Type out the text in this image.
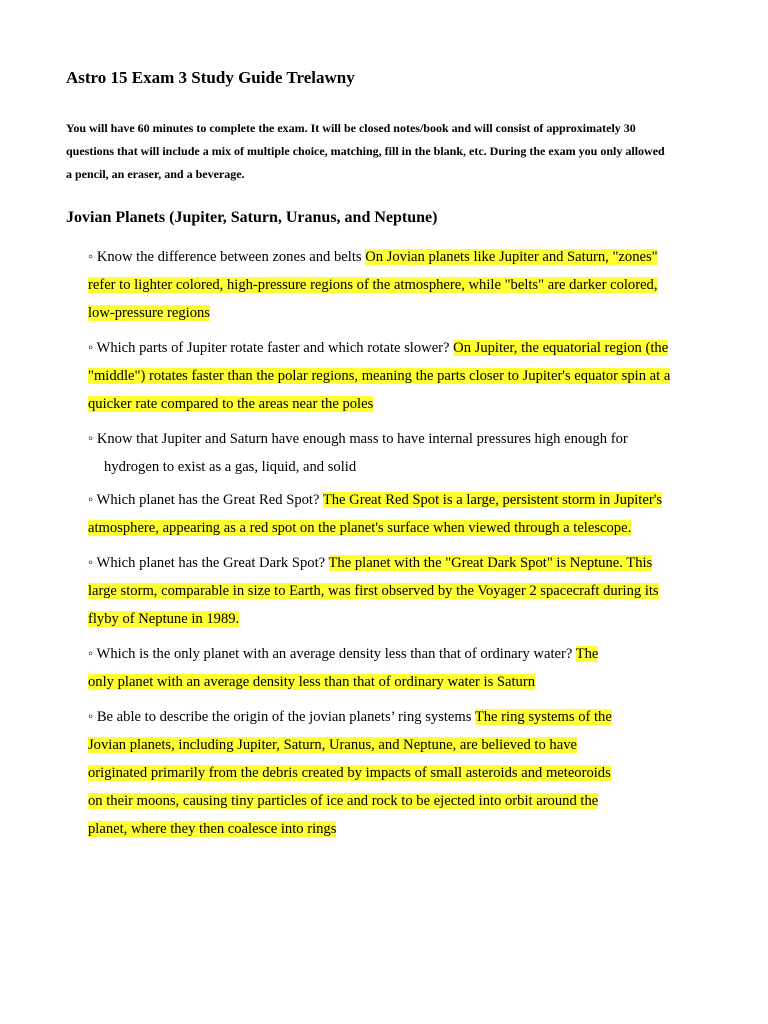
Astro 15 Exam 3 Study Guide Trelawny

You will have 60 minutes to complete the exam. It will be closed notes/book and will consist of approximately 30
questions that will include a mix of multiple choice, matching, fill in the blank, etc. During the exam you only allowed
a pencil, an eraser, and a beverage.

Jovian Planets (Jupiter, Saturn, Uranus, and Neptune)
◦ Know the difference between zones and belts On Jovian planets like Jupiter and Saturn, "zones"
refer to lighter colored, high-pressure regions of the atmosphere, while "belts" are darker colored,
low-pressure regions
◦ Which parts of Jupiter rotate faster and which rotate slower? On Jupiter, the equatorial region (the
"middle") rotates faster than the polar regions, meaning the parts closer to Jupiter's equator spin at a
quicker rate compared to the areas near the poles
◦ Know that Jupiter and Saturn have enough mass to have internal pressures high enough for
hydrogen to exist as a gas, liquid, and solid
◦ Which planet has the Great Red Spot? The Great Red Spot is a large, persistent storm in Jupiter's
atmosphere, appearing as a red spot on the planet's surface when viewed through a telescope.
◦ Which planet has the Great Dark Spot? The planet with the "Great Dark Spot" is Neptune. This
large storm, comparable in size to Earth, was first observed by the Voyager 2 spacecraft during its
flyby of Neptune in 1989.
◦ Which is the only planet with an average density less than that of ordinary water? The
only planet with an average density less than that of ordinary water is Saturn
◦ Be able to describe the origin of the jovian planets’ ring systems The ring systems of the
Jovian planets, including Jupiter, Saturn, Uranus, and Neptune, are believed to have
originated primarily from the debris created by impacts of small asteroids and meteoroids
on their moons, causing tiny particles of ice and rock to be ejected into orbit around the
planet, where they then coalesce into rings
